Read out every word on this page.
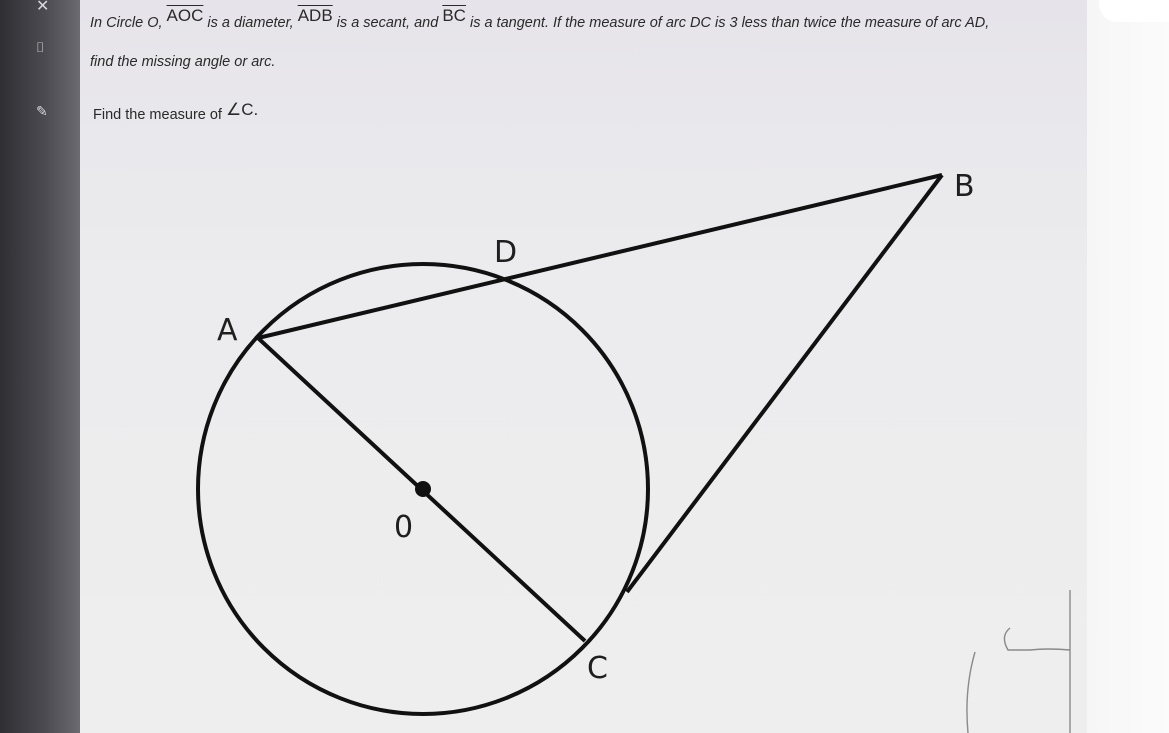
✕
⌷
✎

In Circle O, $\overline{AOC}$ is a diameter, $\overline{ADB}$ is a secant, and $\overline{BC}$ is a tangent. If the measure of arc DC is 3 less than twice the measure of arc AD,

find the missing angle or arc.

Find the measure of ∠C.

A
B
C
D
0
